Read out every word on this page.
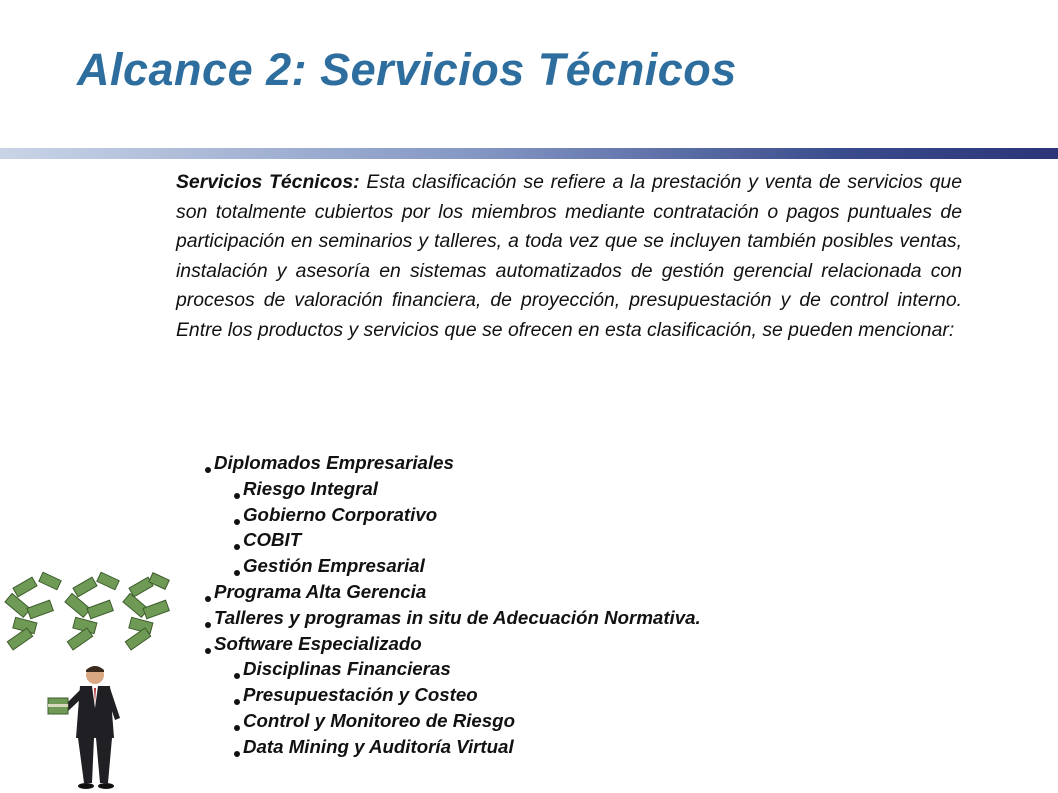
Alcance 2: Servicios Técnicos

Servicios Técnicos: Esta clasificación se refiere a la prestación y venta de servicios que son totalmente cubiertos por los miembros mediante contratación o pagos puntuales de participación en seminarios y talleres, a toda vez que se incluyen también posibles ventas, instalación y asesoría en sistemas automatizados de gestión gerencial relacionada con procesos de valoración financiera, de proyección, presupuestación y de control interno. Entre los productos y servicios que se ofrecen en esta clasificación, se pueden mencionar:

Diplomados Empresariales
Riesgo Integral
Gobierno Corporativo
COBIT
Gestión Empresarial
Programa Alta Gerencia
Talleres y programas in situ de Adecuación Normativa.
Software Especializado
Disciplinas Financieras
Presupuestación y Costeo
Control y Monitoreo de Riesgo
Data Mining y Auditoría Virtual
